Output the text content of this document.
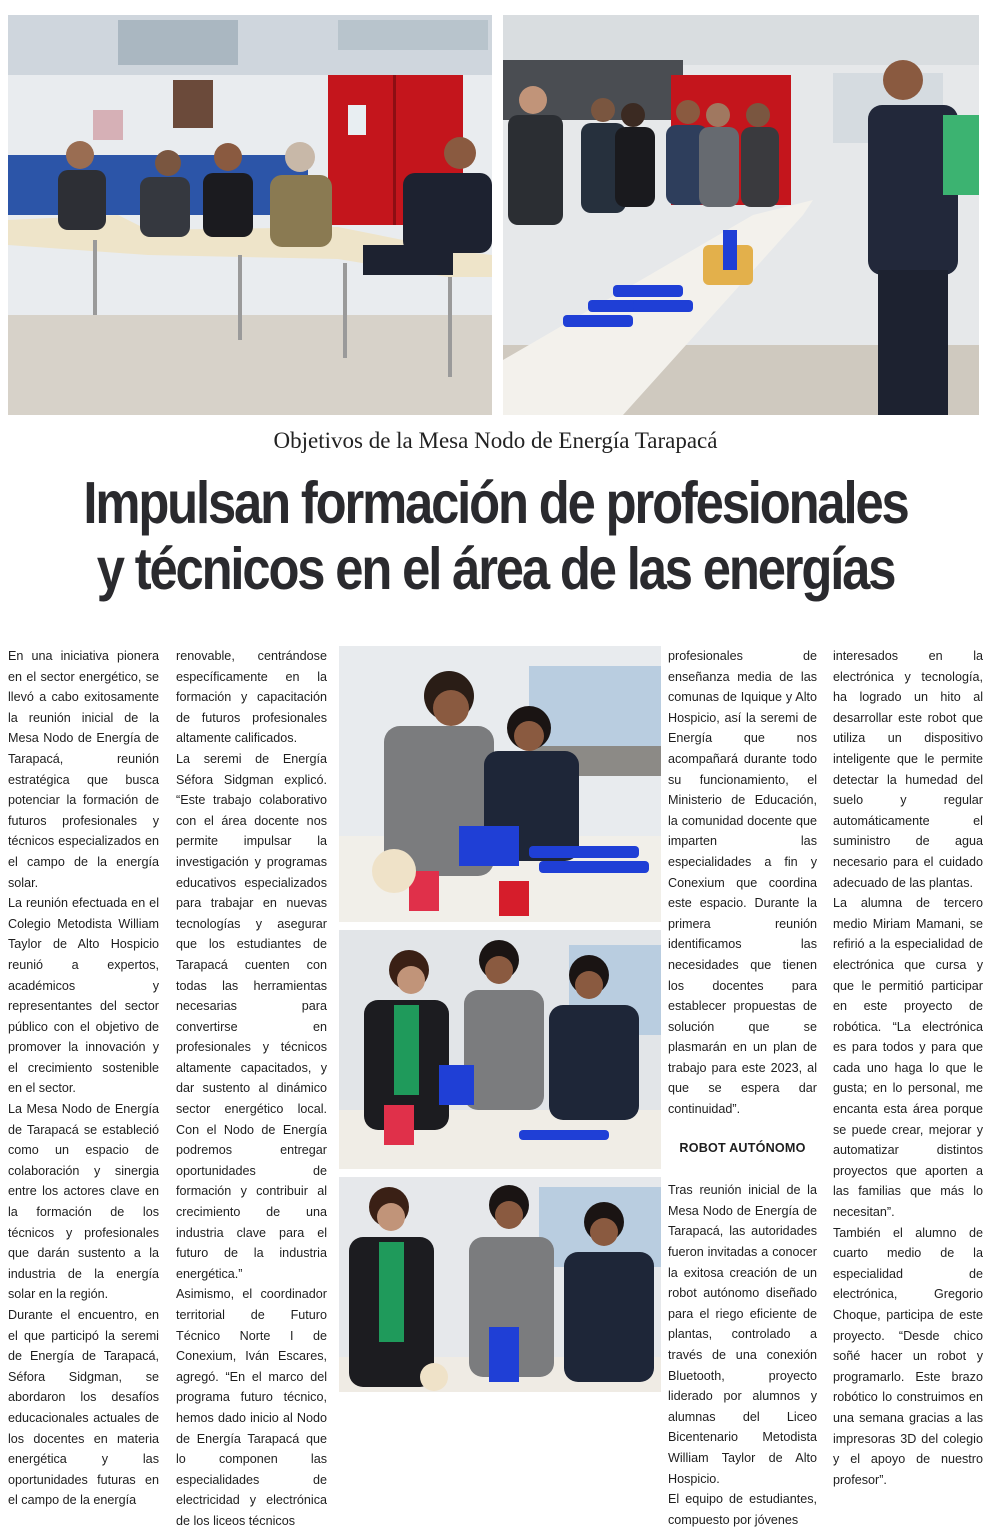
Objetivos de la Mesa Nodo de Energía Tarapacá
Impulsan formación de profesionales
y técnicos en el área de las energías

En una iniciativa pionera en el sector energético, se llevó a cabo exitosamente la reunión inicial de la Mesa Nodo de Energía de Tarapacá, reunión estratégica que busca potenciar la formación de futuros profesionales y técnicos especializados en el campo de la energía solar.

La reunión efectuada en el Colegio Metodista William Taylor de Alto Hospicio reunió a expertos, académicos y representantes del sector público con el objetivo de promover la innovación y el crecimiento sostenible en el sector.

La Mesa Nodo de Energía de Tarapacá se estableció como un espacio de colaboración y sinergia entre los actores clave en la formación de los técnicos y profesionales que darán sustento a la industria de la energía solar en la región.

Durante el encuentro, en el que participó la seremi de Energía de Tarapacá, Séfora Sidgman, se abordaron los desafíos educacionales actuales de los docentes en materia energética y las oportunidades futuras en el campo de la energía

renovable, centrándose específicamente en la formación y capacitación de futuros profesionales altamente calificados.

La seremi de Energía Séfora Sidgman explicó. “Este trabajo colaborativo con el área docente nos permite impulsar la investigación y programas educativos especializados para trabajar en nuevas tecnologías y asegurar que los estudiantes de Tarapacá cuenten con todas las herramientas necesarias para convertirse en profesionales y técnicos altamente capacitados, y dar sustento al dinámico sector energético local. Con el Nodo de Energía podremos entregar oportunidades de formación y contribuir al crecimiento de una industria clave para el futuro de la industria energética.”

Asimismo, el coordinador territorial de Futuro Técnico Norte I de Conexium, Iván Escares, agregó. “En el marco del programa futuro técnico, hemos dado inicio al Nodo de Energía Tarapacá que lo componen las especialidades de electricidad y electrónica de los liceos técnicos

profesionales de enseñanza media de las comunas de Iquique y Alto Hospicio, así la seremi de Energía que nos acompañará durante todo su funcionamiento, el Ministerio de Educación, la comunidad docente que imparten las especialidades a fin y Conexium que coordina este espacio. Durante la primera reunión identificamos las necesidades que tienen los docentes para establecer propuestas de solución que se plasmarán en un plan de trabajo para este 2023, al que se espera dar continuidad”.

ROBOT AUTÓNOMO

Tras reunión inicial de la Mesa Nodo de Energía de Tarapacá, las autoridades fueron invitadas a conocer la exitosa creación de un robot autónomo diseñado para el riego eficiente de plantas, controlado a través de una conexión Bluetooth, proyecto liderado por alumnos y alumnas del Liceo Bicentenario Metodista William Taylor de Alto Hospicio.

El equipo de estudiantes, compuesto por jóvenes

interesados en la electrónica y tecnología, ha logrado un hito al desarrollar este robot que utiliza un dispositivo inteligente que le permite detectar la humedad del suelo y regular automáticamente el suministro de agua necesario para el cuidado adecuado de las plantas.

La alumna de tercero medio Miriam Mamani, se refirió a la especialidad de electrónica que cursa y que le permitió participar en este proyecto de robótica. “La electrónica es para todos y para que cada uno haga lo que le gusta; en lo personal, me encanta esta área porque se puede crear, mejorar y automatizar distintos proyectos que aporten a las familias que más lo necesitan”.

También el alumno de cuarto medio de la especialidad de electrónica, Gregorio Choque, participa de este proyecto. “Desde chico soñé hacer un robot y programarlo. Este brazo robótico lo construimos en una semana gracias a las impresoras 3D del colegio y el apoyo de nuestro profesor”.
